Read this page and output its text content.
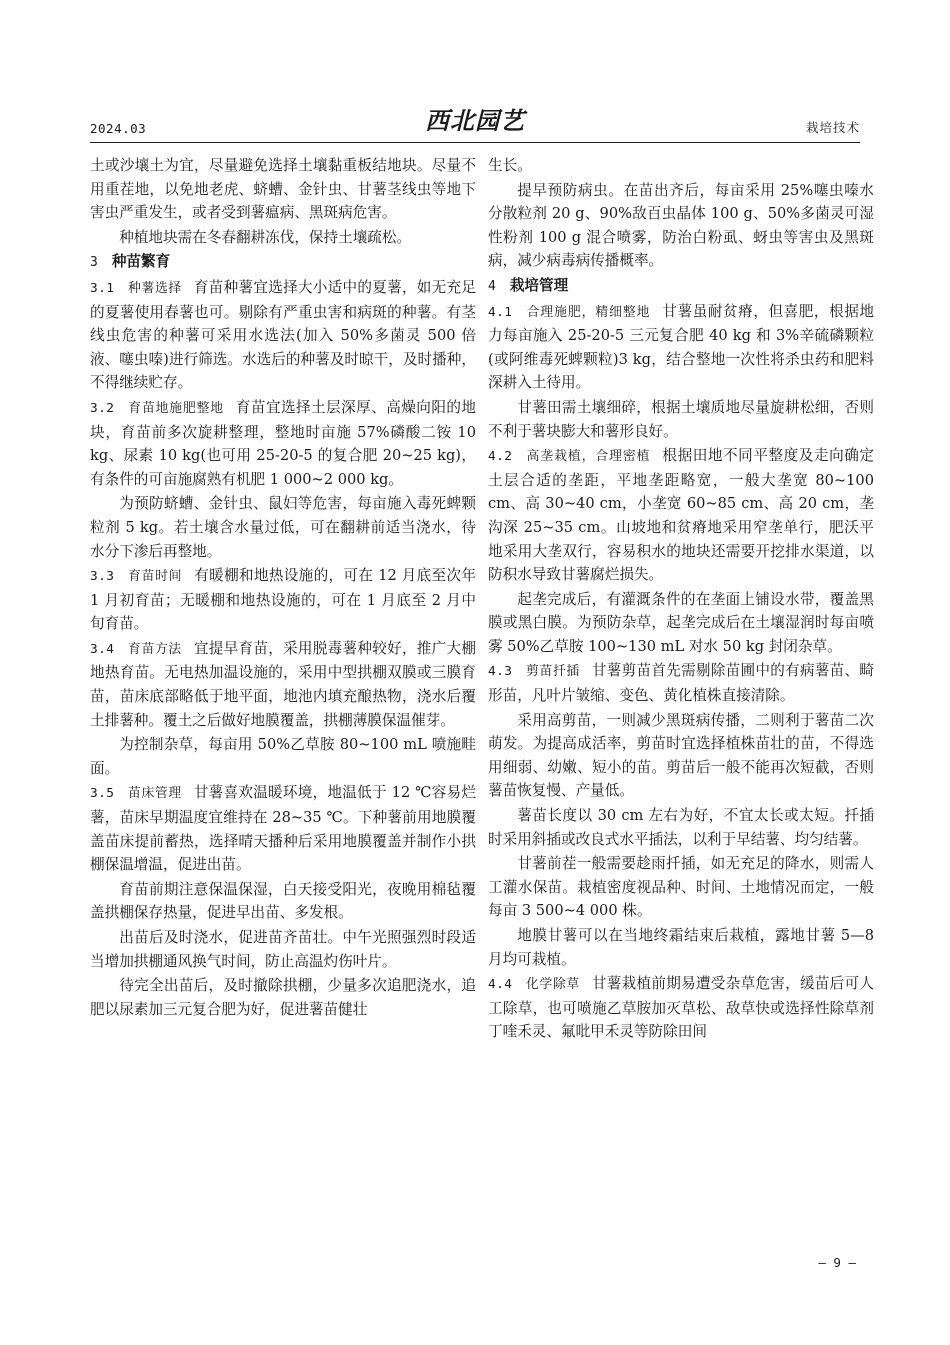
2024.03	西北园艺	栽培技术

土或沙壤土为宜，尽量避免选择土壤黏重板结地块。尽量不用重茬地，以免地老虎、蛴螬、金针虫、甘薯茎线虫等地下害虫严重发生，或者受到薯瘟病、黑斑病危害。

种植地块需在冬春翻耕冻伐，保持土壤疏松。

3 种苗繁育

3.1　种薯选择 育苗种薯宜选择大小适中的夏薯，如无充足的夏薯使用春薯也可。剔除有严重虫害和病斑的种薯。有茎线虫危害的种薯可采用水选法(加入 50%多菌灵 500 倍液、噻虫嗪)进行筛选。水选后的种薯及时晾干，及时播种，不得继续贮存。

3.2　育苗地施肥整地 育苗宜选择土层深厚、高燥向阳的地块，育苗前多次旋耕整理，整地时亩施 57%磷酸二铵 10 kg、尿素 10 kg(也可用 25-20-5 的复合肥 20~25 kg)，有条件的可亩施腐熟有机肥 1 000~2 000 kg。

为预防蛴螬、金针虫、鼠妇等危害，每亩施入毒死蜱颗粒剂 5 kg。若土壤含水量过低，可在翻耕前适当浇水，待水分下渗后再整地。

3.3　育苗时间 有暖棚和地热设施的，可在 12 月底至次年 1 月初育苗；无暖棚和地热设施的，可在 1 月底至 2 月中旬育苗。

3.4　育苗方法 宜提早育苗，采用脱毒薯种较好，推广大棚地热育苗。无电热加温设施的，采用中型拱棚双膜或三膜育苗，苗床底部略低于地平面，地池内填充酿热物，浇水后覆土排薯种。覆土之后做好地膜覆盖，拱棚薄膜保温催芽。

为控制杂草，每亩用 50%乙草胺 80~100 mL 喷施畦面。

3.5　苗床管理 甘薯喜欢温暖环境，地温低于 12 ℃容易烂薯，苗床早期温度宜维持在 28~35 ℃。下种薯前用地膜覆盖苗床提前蓄热，选择晴天播种后采用地膜覆盖并制作小拱棚保温增温，促进出苗。

育苗前期注意保温保湿，白天接受阳光，夜晚用棉毡覆盖拱棚保存热量，促进早出苗、多发根。

出苗后及时浇水，促进苗齐苗壮。中午光照强烈时段适当增加拱棚通风换气时间，防止高温灼伤叶片。

待完全出苗后，及时撤除拱棚，少量多次追肥浇水，追肥以尿素加三元复合肥为好，促进薯苗健壮

生长。

提早预防病虫。在苗出齐后，每亩采用 25%噻虫嗪水分散粒剂 20 g、90%敌百虫晶体 100 g、50%多菌灵可湿性粉剂 100 g 混合喷雾，防治白粉虱、蚜虫等害虫及黑斑病，减少病毒病传播概率。

4 栽培管理

4.1　合理施肥，精细整地 甘薯虽耐贫瘠，但喜肥，根据地力每亩施入 25-20-5 三元复合肥 40 kg 和 3%辛硫磷颗粒(或阿维毒死蜱颗粒)3 kg，结合整地一次性将杀虫药和肥料深耕入土待用。

甘薯田需土壤细碎，根据土壤质地尽量旋耕松细，否则不利于薯块膨大和薯形良好。

4.2　高垄栽植，合理密植 根据田地不同平整度及走向确定土层合适的垄距，平地垄距略宽，一般大垄宽 80~100 cm、高 30~40 cm，小垄宽 60~85 cm、高 20 cm，垄沟深 25~35 cm。山坡地和贫瘠地采用窄垄单行，肥沃平地采用大垄双行，容易积水的地块还需要开挖排水渠道，以防积水导致甘薯腐烂损失。

起垄完成后，有灌溉条件的在垄面上铺设水带，覆盖黑膜或黑白膜。为预防杂草，起垄完成后在土壤湿润时每亩喷雾 50%乙草胺 100~130 mL 对水 50 kg 封闭杂草。

4.3　剪苗扦插 甘薯剪苗首先需剔除苗圃中的有病薯苗、畸形苗，凡叶片皱缩、变色、黄化植株直接清除。

采用高剪苗，一则减少黑斑病传播，二则利于薯苗二次萌发。为提高成活率，剪苗时宜选择植株苗壮的苗，不得选用细弱、幼嫩、短小的苗。剪苗后一般不能再次短截，否则薯苗恢复慢、产量低。

薯苗长度以 30 cm 左右为好，不宜太长或太短。扦插时采用斜插或改良式水平插法，以利于早结薯、均匀结薯。

甘薯前茬一般需要趁雨扦插，如无充足的降水，则需人工灌水保苗。栽植密度视品种、时间、土地情况而定，一般每亩 3 500~4 000 株。

地膜甘薯可以在当地终霜结束后栽植，露地甘薯 5—8 月均可栽植。

4.4　化学除草 甘薯栽植前期易遭受杂草危害，缓苗后可人工除草，也可喷施乙草胺加灭草松、敌草快或选择性除草剂丁喹禾灵、氟吡甲禾灵等防除田间

— 9 —
